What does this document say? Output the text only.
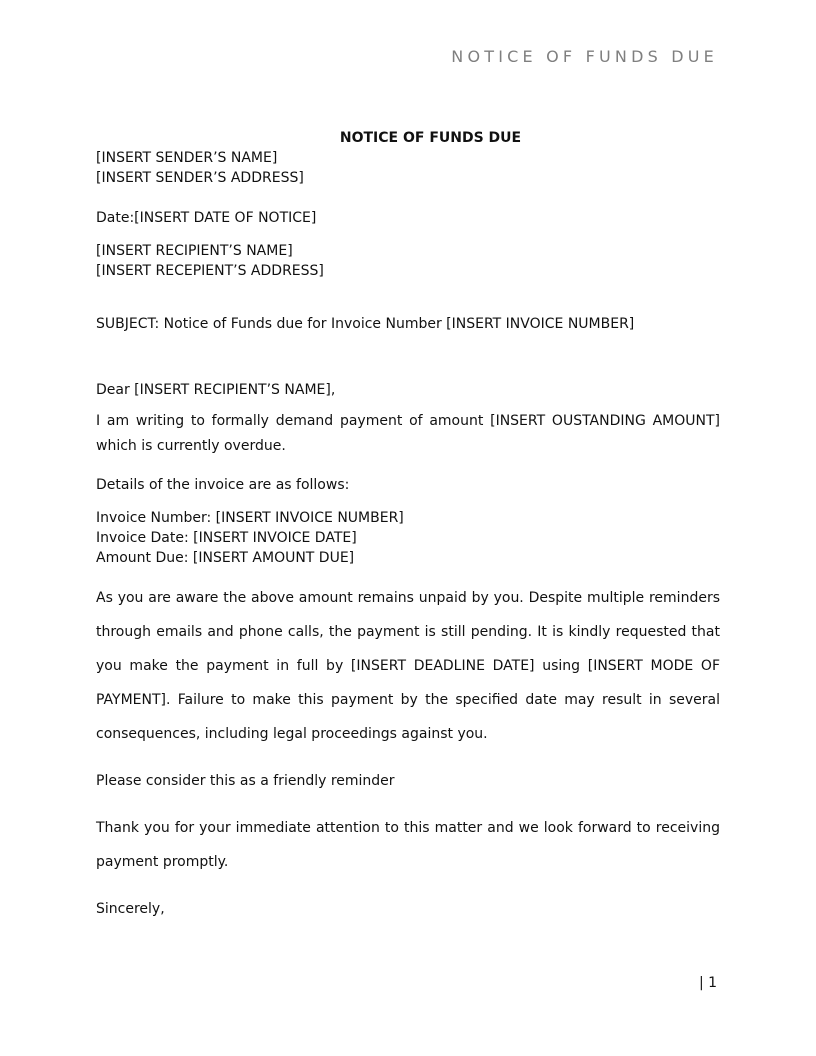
NOTICE OF FUNDS DUE
NOTICE OF FUNDS DUE
[INSERT SENDER’S NAME]
[INSERT SENDER’S ADDRESS]
Date:[INSERT DATE OF NOTICE]
[INSERT RECIPIENT’S NAME]
[INSERT RECEPIENT’S ADDRESS]
SUBJECT: Notice of Funds due for Invoice Number [INSERT INVOICE NUMBER]
Dear [INSERT RECIPIENT’S NAME],
I am writing to formally demand payment of amount [INSERT OUSTANDING AMOUNT] which is currently overdue.
Details of the invoice are as follows:
Invoice Number: [INSERT INVOICE NUMBER]
Invoice Date: [INSERT INVOICE DATE]
Amount Due: [INSERT AMOUNT DUE]
As you are aware the above amount remains unpaid by you. Despite multiple reminders through emails and phone calls, the payment is still pending. It is kindly requested that you make the payment in full by [INSERT DEADLINE DATE] using [INSERT MODE OF PAYMENT]. Failure to make this payment by the specified date may result in several consequences, including legal proceedings against you.
Please consider this as a friendly reminder
Thank you for your immediate attention to this matter and we look forward to receiving payment promptly.
Sincerely,
| 1
